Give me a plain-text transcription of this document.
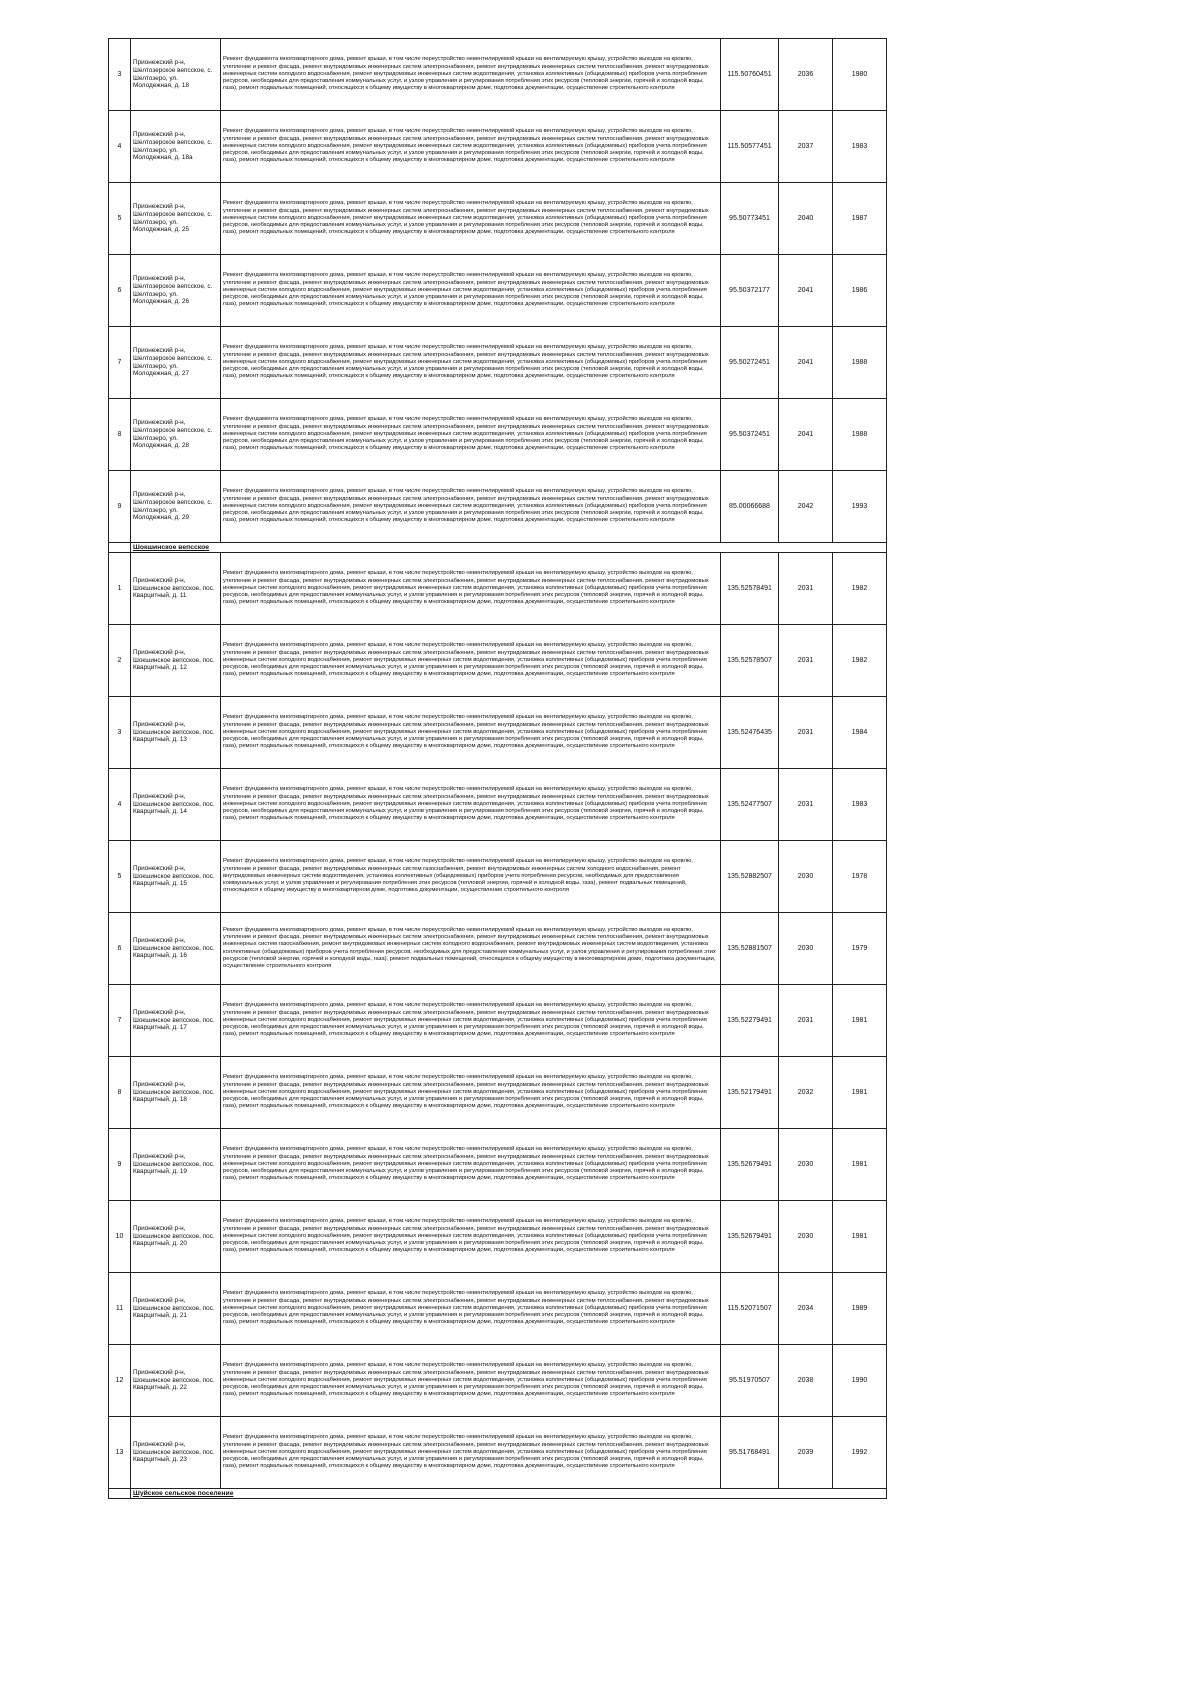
3	Прионежский р-н, Шелтозерское вепсское, с. Шелтозеро, ул. Молодежная, д. 18	Ремонт фундамента многоквартирного дома, ремонт крыши, в том числе переустройство невентилируемой крыши на вентилируемую крышу, устройство выходов на кровлю, утепление и ремонт фасада, ремонт внутридомовых инженерных систем электроснабжения, ремонт внутридомовых инженерных систем теплоснабжения, ремонт внутридомовых инженерных систем холодного водоснабжения, ремонт внутридомовых инженерных систем водоотведения, установка коллективных (общедомовых) приборов учета потребления ресурсов, необходимых для предоставления коммунальных услуг, и узлов управления и регулирования потребления этих ресурсов (тепловой энергии, горячей и холодной воды, газа), ремонт подвальных помещений, относящихся к общему имуществу в многоквартирном доме, подготовка документации, осуществление строительного контроля	115.50760451	2036	1980
4	Прионежский р-н, Шелтозерское вепсское, с. Шелтозеро, ул. Молодежная, д. 18а	Ремонт фундамента многоквартирного дома, ремонт крыши, в том числе переустройство невентилируемой крыши на вентилируемую крышу, устройство выходов на кровлю, утепление и ремонт фасада, ремонт внутридомовых инженерных систем электроснабжения, ремонт внутридомовых инженерных систем теплоснабжения, ремонт внутридомовых инженерных систем холодного водоснабжения, ремонт внутридомовых инженерных систем водоотведения, установка коллективных (общедомовых) приборов учета потребления ресурсов, необходимых для предоставления коммунальных услуг, и узлов управления и регулирования потребления этих ресурсов (тепловой энергии, горячей и холодной воды, газа), ремонт подвальных помещений, относящихся к общему имуществу в многоквартирном доме, подготовка документации, осуществление строительного контроля	115.50577451	2037	1983
5	Прионежский р-н, Шелтозерское вепсское, с. Шелтозеро, ул. Молодежная, д. 25	Ремонт фундамента многоквартирного дома, ремонт крыши, в том числе переустройство невентилируемой крыши на вентилируемую крышу, устройство выходов на кровлю, утепление и ремонт фасада, ремонт внутридомовых инженерных систем электроснабжения, ремонт внутридомовых инженерных систем теплоснабжения, ремонт внутридомовых инженерных систем холодного водоснабжения, ремонт внутридомовых инженерных систем водоотведения, установка коллективных (общедомовых) приборов учета потребления ресурсов, необходимых для предоставления коммунальных услуг, и узлов управления и регулирования потребления этих ресурсов (тепловой энергии, горячей и холодной воды, газа), ремонт подвальных помещений, относящихся к общему имуществу в многоквартирном доме, подготовка документации, осуществление строительного контроля	95.50773451	2040	1987
6	Прионежский р-н, Шелтозерское вепсское, с. Шелтозеро, ул. Молодежная, д. 26	Ремонт фундамента многоквартирного дома, ремонт крыши, в том числе переустройство невентилируемой крыши на вентилируемую крышу, устройство выходов на кровлю, утепление и ремонт фасада, ремонт внутридомовых инженерных систем электроснабжения, ремонт внутридомовых инженерных систем теплоснабжения, ремонт внутридомовых инженерных систем холодного водоснабжения, ремонт внутридомовых инженерных систем водоотведения, установка коллективных (общедомовых) приборов учета потребления ресурсов, необходимых для предоставления коммунальных услуг, и узлов управления и регулирования потребления этих ресурсов (тепловой энергии, горячей и холодной воды, газа), ремонт подвальных помещений, относящихся к общему имуществу в многоквартирном доме, подготовка документации, осуществление строительного контроля	95.50372177	2041	1986
7	Прионежский р-н, Шелтозерское вепсское, с. Шелтозеро, ул. Молодежная, д. 27	Ремонт фундамента многоквартирного дома, ремонт крыши, в том числе переустройство невентилируемой крыши на вентилируемую крышу, устройство выходов на кровлю, утепление и ремонт фасада, ремонт внутридомовых инженерных систем электроснабжения, ремонт внутридомовых инженерных систем теплоснабжения, ремонт внутридомовых инженерных систем холодного водоснабжения, ремонт внутридомовых инженерных систем водоотведения, установка коллективных (общедомовых) приборов учета потребления ресурсов, необходимых для предоставления коммунальных услуг, и узлов управления и регулирования потребления этих ресурсов (тепловой энергии, горячей и холодной воды, газа), ремонт подвальных помещений, относящихся к общему имуществу в многоквартирном доме, подготовка документации, осуществление строительного контроля	95.50272451	2041	1988
8	Прионежский р-н, Шелтозерское вепсское, с. Шелтозеро, ул. Молодежная, д. 28	Ремонт фундамента многоквартирного дома, ремонт крыши, в том числе переустройство невентилируемой крыши на вентилируемую крышу, устройство выходов на кровлю, утепление и ремонт фасада, ремонт внутридомовых инженерных систем электроснабжения, ремонт внутридомовых инженерных систем теплоснабжения, ремонт внутридомовых инженерных систем холодного водоснабжения, ремонт внутридомовых инженерных систем водоотведения, установка коллективных (общедомовых) приборов учета потребления ресурсов, необходимых для предоставления коммунальных услуг, и узлов управления и регулирования потребления этих ресурсов (тепловой энергии, горячей и холодной воды, газа), ремонт подвальных помещений, относящихся к общему имуществу в многоквартирном доме, подготовка документации, осуществление строительного контроля	95.50372451	2041	1988
9	Прионежский р-н, Шелтозерское вепсское, с. Шелтозеро, ул. Молодежная, д. 29	Ремонт фундамента многоквартирного дома, ремонт крыши, в том числе переустройство невентилируемой крыши на вентилируемую крышу, устройство выходов на кровлю, утепление и ремонт фасада, ремонт внутридомовых инженерных систем электроснабжения, ремонт внутридомовых инженерных систем теплоснабжения, ремонт внутридомовых инженерных систем холодного водоснабжения, ремонт внутридомовых инженерных систем водоотведения, установка коллективных (общедомовых) приборов учета потребления ресурсов, необходимых для предоставления коммунальных услуг, и узлов управления и регулирования потребления этих ресурсов (тепловой энергии, горячей и холодной воды, газа), ремонт подвальных помещений, относящихся к общему имуществу в многоквартирном доме, подготовка документации, осуществление строительного контроля	85.00066688	2042	1993
	Шокшинское вепсское				
1	Прионежский р-н, Шокшинское вепсское, пос. Кварцитный, д. 11	Ремонт фундамента многоквартирного дома, ремонт крыши, в том числе переустройство невентилируемой крыши на вентилируемую крышу, устройство выходов на кровлю, утепление и ремонт фасада, ремонт внутридомовых инженерных систем электроснабжения, ремонт внутридомовых инженерных систем теплоснабжения, ремонт внутридомовых инженерных систем холодного водоснабжения, ремонт внутридомовых инженерных систем водоотведения, установка коллективных (общедомовых) приборов учета потребления ресурсов, необходимых для предоставления коммунальных услуг, и узлов управления и регулирования потребления этих ресурсов (тепловой энергии, горячей и холодной воды, газа), ремонт подвальных помещений, относящихся к общему имуществу в многоквартирном доме, подготовка документации, осуществление строительного контроля	135.52578491	2031	1982
2	Прионежский р-н, Шокшинское вепсское, пос. Кварцитный, д. 12	Ремонт фундамента многоквартирного дома, ремонт крыши, в том числе переустройство невентилируемой крыши на вентилируемую крышу, устройство выходов на кровлю, утепление и ремонт фасада, ремонт внутридомовых инженерных систем электроснабжения, ремонт внутридомовых инженерных систем теплоснабжения, ремонт внутридомовых инженерных систем холодного водоснабжения, ремонт внутридомовых инженерных систем водоотведения, установка коллективных (общедомовых) приборов учета потребления ресурсов, необходимых для предоставления коммунальных услуг, и узлов управления и регулирования потребления этих ресурсов (тепловой энергии, горячей и холодной воды, газа), ремонт подвальных помещений, относящихся к общему имуществу в многоквартирном доме, подготовка документации, осуществление строительного контроля	135.52578507	2031	1982
3	Прионежский р-н, Шокшинское вепсское, пос. Кварцитный, д. 13	Ремонт фундамента многоквартирного дома, ремонт крыши, в том числе переустройство невентилируемой крыши на вентилируемую крышу, устройство выходов на кровлю, утепление и ремонт фасада, ремонт внутридомовых инженерных систем электроснабжения, ремонт внутридомовых инженерных систем теплоснабжения, ремонт внутридомовых инженерных систем холодного водоснабжения, ремонт внутридомовых инженерных систем водоотведения, установка коллективных (общедомовых) приборов учета потребления ресурсов, необходимых для предоставления коммунальных услуг, и узлов управления и регулирования потребления этих ресурсов (тепловой энергии, горячей и холодной воды, газа), ремонт подвальных помещений, относящихся к общему имуществу в многоквартирном доме, подготовка документации, осуществление строительного контроля	135.52476435	2031	1984
4	Прионежский р-н, Шокшинское вепсское, пос. Кварцитный, д. 14	Ремонт фундамента многоквартирного дома, ремонт крыши, в том числе переустройство невентилируемой крыши на вентилируемую крышу, устройство выходов на кровлю, утепление и ремонт фасада, ремонт внутридомовых инженерных систем электроснабжения, ремонт внутридомовых инженерных систем теплоснабжения, ремонт внутридомовых инженерных систем холодного водоснабжения, ремонт внутридомовых инженерных систем водоотведения, установка коллективных (общедомовых) приборов учета потребления ресурсов, необходимых для предоставления коммунальных услуг, и узлов управления и регулирования потребления этих ресурсов (тепловой энергии, горячей и холодной воды, газа), ремонт подвальных помещений, относящихся к общему имуществу в многоквартирном доме, подготовка документации, осуществление строительного контроля	135.52477507	2031	1983
5	Прионежский р-н, Шокшинское вепсское, пос. Кварцитный, д. 15	Ремонт фундамента многоквартирного дома, ремонт крыши, в том числе переустройство невентилируемой крыши на вентилируемую крышу, устройство выходов на кровлю, утепление и ремонт фасада, ремонт внутридомовых инженерных систем газоснабжения, ремонт внутридомовых инженерных систем холодного водоснабжения, ремонт внутридомовых инженерных систем водоотведения, установка коллективных (общедомовых) приборов учета потребления ресурсов, необходимых для предоставления коммунальных услуг, и узлов управления и регулирования потребления этих ресурсов (тепловой энергии, горячей и холодной воды, газа), ремонт подвальных помещений, относящихся к общему имуществу в многоквартирном доме, подготовка документации, осуществление строительного контроля	135.52882507	2030	1978
6	Прионежский р-н, Шокшинское вепсское, пос. Кварцитный, д. 16	Ремонт фундамента многоквартирного дома, ремонт крыши, в том числе переустройство невентилируемой крыши на вентилируемую крышу, устройство выходов на кровлю, утепление и ремонт фасада, ремонт внутридомовых инженерных систем электроснабжения, ремонт внутридомовых инженерных систем теплоснабжения, ремонт внутридомовых инженерных систем газоснабжения, ремонт внутридомовых инженерных систем холодного водоснабжения, ремонт внутридомовых инженерных систем водоотведения, установка коллективных (общедомовых) приборов учета потребления ресурсов, необходимых для предоставления коммунальных услуг, и узлов управления и регулирования потребления этих ресурсов (тепловой энергии, горячей и холодной воды, газа), ремонт подвальных помещений, относящихся к общему имуществу в многоквартирном доме, подготовка документации, осуществление строительного контроля	135.52881507	2030	1979
7	Прионежский р-н, Шокшинское вепсское, пос. Кварцитный, д. 17	Ремонт фундамента многоквартирного дома, ремонт крыши, в том числе переустройство невентилируемой крыши на вентилируемую крышу, устройство выходов на кровлю, утепление и ремонт фасада, ремонт внутридомовых инженерных систем электроснабжения, ремонт внутридомовых инженерных систем теплоснабжения, ремонт внутридомовых инженерных систем холодного водоснабжения, ремонт внутридомовых инженерных систем водоотведения, установка коллективных (общедомовых) приборов учета потребления ресурсов, необходимых для предоставления коммунальных услуг, и узлов управления и регулирования потребления этих ресурсов (тепловой энергии, горячей и холодной воды, газа), ремонт подвальных помещений, относящихся к общему имуществу в многоквартирном доме, подготовка документации, осуществление строительного контроля	135.52279491	2031	1981
8	Прионежский р-н, Шокшинское вепсское, пос. Кварцитный, д. 18	Ремонт фундамента многоквартирного дома, ремонт крыши, в том числе переустройство невентилируемой крыши на вентилируемую крышу, устройство выходов на кровлю, утепление и ремонт фасада, ремонт внутридомовых инженерных систем электроснабжения, ремонт внутридомовых инженерных систем теплоснабжения, ремонт внутридомовых инженерных систем холодного водоснабжения, ремонт внутридомовых инженерных систем водоотведения, установка коллективных (общедомовых) приборов учета потребления ресурсов, необходимых для предоставления коммунальных услуг, и узлов управления и регулирования потребления этих ресурсов (тепловой энергии, горячей и холодной воды, газа), ремонт подвальных помещений, относящихся к общему имуществу в многоквартирном доме, подготовка документации, осуществление строительного контроля	135.52179491	2032	1981
9	Прионежский р-н, Шокшинское вепсское, пос. Кварцитный, д. 19	Ремонт фундамента многоквартирного дома, ремонт крыши, в том числе переустройство невентилируемой крыши на вентилируемую крышу, устройство выходов на кровлю, утепление и ремонт фасада, ремонт внутридомовых инженерных систем электроснабжения, ремонт внутридомовых инженерных систем теплоснабжения, ремонт внутридомовых инженерных систем холодного водоснабжения, ремонт внутридомовых инженерных систем водоотведения, установка коллективных (общедомовых) приборов учета потребления ресурсов, необходимых для предоставления коммунальных услуг, и узлов управления и регулирования потребления этих ресурсов (тепловой энергии, горячей и холодной воды, газа), ремонт подвальных помещений, относящихся к общему имуществу в многоквартирном доме, подготовка документации, осуществление строительного контроля	135.52679491	2030	1981
10	Прионежский р-н, Шокшинское вепсское, пос. Кварцитный, д. 20	Ремонт фундамента многоквартирного дома, ремонт крыши, в том числе переустройство невентилируемой крыши на вентилируемую крышу, устройство выходов на кровлю, утепление и ремонт фасада, ремонт внутридомовых инженерных систем электроснабжения, ремонт внутридомовых инженерных систем теплоснабжения, ремонт внутридомовых инженерных систем холодного водоснабжения, ремонт внутридомовых инженерных систем водоотведения, установка коллективных (общедомовых) приборов учета потребления ресурсов, необходимых для предоставления коммунальных услуг, и узлов управления и регулирования потребления этих ресурсов (тепловой энергии, горячей и холодной воды, газа), ремонт подвальных помещений, относящихся к общему имуществу в многоквартирном доме, подготовка документации, осуществление строительного контроля	135.52679491	2030	1981
11	Прионежский р-н, Шокшинское вепсское, пос. Кварцитный, д. 21	Ремонт фундамента многоквартирного дома, ремонт крыши, в том числе переустройство невентилируемой крыши на вентилируемую крышу, устройство выходов на кровлю, утепление и ремонт фасада, ремонт внутридомовых инженерных систем электроснабжения, ремонт внутридомовых инженерных систем теплоснабжения, ремонт внутридомовых инженерных систем холодного водоснабжения, ремонт внутридомовых инженерных систем водоотведения, установка коллективных (общедомовых) приборов учета потребления ресурсов, необходимых для предоставления коммунальных услуг, и узлов управления и регулирования потребления этих ресурсов (тепловой энергии, горячей и холодной воды, газа), ремонт подвальных помещений, относящихся к общему имуществу в многоквартирном доме, подготовка документации, осуществление строительного контроля	115.52071507	2034	1989
12	Прионежский р-н, Шокшинское вепсское, пос. Кварцитный, д. 22	Ремонт фундамента многоквартирного дома, ремонт крыши, в том числе переустройство невентилируемой крыши на вентилируемую крышу, устройство выходов на кровлю, утепление и ремонт фасада, ремонт внутридомовых инженерных систем электроснабжения, ремонт внутридомовых инженерных систем теплоснабжения, ремонт внутридомовых инженерных систем холодного водоснабжения, ремонт внутридомовых инженерных систем водоотведения, установка коллективных (общедомовых) приборов учета потребления ресурсов, необходимых для предоставления коммунальных услуг, и узлов управления и регулирования потребления этих ресурсов (тепловой энергии, горячей и холодной воды, газа), ремонт подвальных помещений, относящихся к общему имуществу в многоквартирном доме, подготовка документации, осуществление строительного контроля	95.51970507	2038	1990
13	Прионежский р-н, Шокшинское вепсское, пос. Кварцитный, д. 23	Ремонт фундамента многоквартирного дома, ремонт крыши, в том числе переустройство невентилируемой крыши на вентилируемую крышу, устройство выходов на кровлю, утепление и ремонт фасада, ремонт внутридомовых инженерных систем электроснабжения, ремонт внутридомовых инженерных систем теплоснабжения, ремонт внутридомовых инженерных систем холодного водоснабжения, ремонт внутридомовых инженерных систем водоотведения, установка коллективных (общедомовых) приборов учета потребления ресурсов, необходимых для предоставления коммунальных услуг, и узлов управления и регулирования потребления этих ресурсов (тепловой энергии, горячей и холодной воды, газа), ремонт подвальных помещений, относящихся к общему имуществу в многоквартирном доме, подготовка документации, осуществление строительного контроля	95.51768491	2039	1992
	Шуйское сельское поселение				
